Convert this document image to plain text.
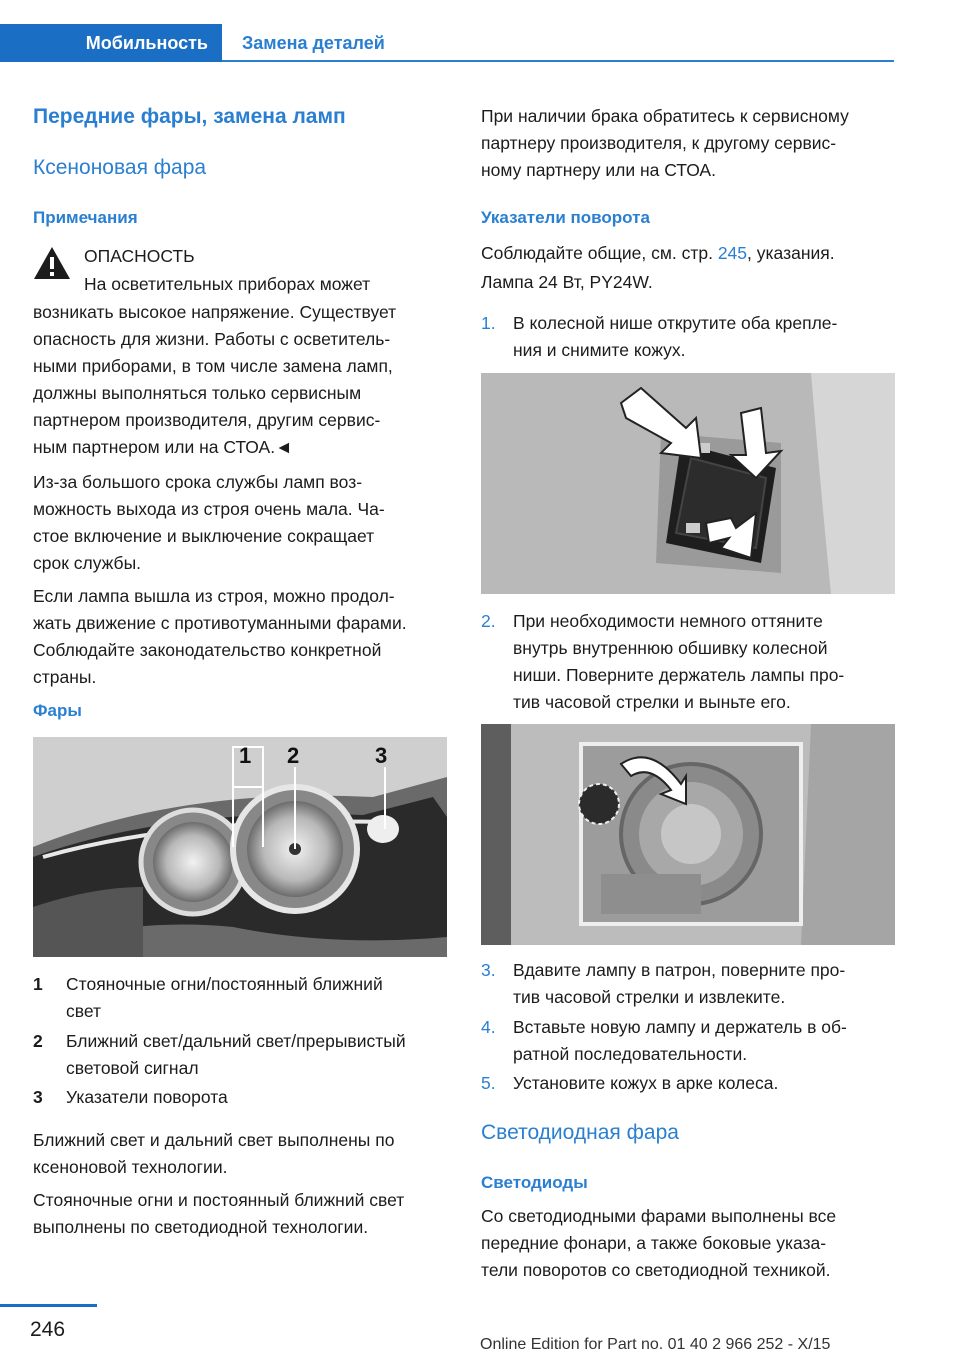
Мобильность Замена деталей
Передние фары, замена ламп
Ксеноновая фара
Примечания
ОПАСНОСТЬ
На осветительных приборах может
возникать высокое напряжение. Существует
опасность для жизни. Работы с осветитель-
ными приборами, в том числе замена ламп,
должны выполняться только сервисным
партнером производителя, другим сервис-
ным партнером или на СТОА.◄
Из-за большого срока службы ламп воз-
можность выхода из строя очень мала. Ча-
стое включение и выключение сокращает
срок службы.
Если лампа вышла из строя, можно продол-
жать движение с противотуманными фарами.
Соблюдайте законодательство конкретной
страны.
Фары
1 2	3
1 Стояночные огни/постоянный ближний
свет
2 Ближний свет/дальний свет/прерывистый
световой сигнал
3 Указатели поворота
Ближний свет и дальний свет выполнены по
ксеноновой технологии.
Стояночные огни и постоянный ближний свет
выполнены по светодиодной технологии.
При наличии брака обратитесь к сервисному
партнеру производителя, к другому сервис-
ному партнеру или на СТОА.
Указатели поворота
Соблюдайте общие, см. стр. 245, указания.
Лампа 24 Вт, PY24W.
1. В колесной нише открутите оба крепле-
ния и снимите кожух.
2. При необходимости немного оттяните
внутрь внутреннюю обшивку колесной
ниши. Поверните держатель лампы про-
тив часовой стрелки и выньте его.
3. Вдавите лампу в патрон, поверните про-
тив часовой стрелки и извлеките.
4. Вставьте новую лампу и держатель в об-
ратной последовательности.
5. Установите кожух в арке колеса.
Светодиодная фара
Светодиоды
Со светодиодными фарами выполнены все
передние фонари, а также боковые указа-
тели поворотов со светодиодной техникой.
246
Online Edition for Part no. 01 40 2 966 252 - X/15
